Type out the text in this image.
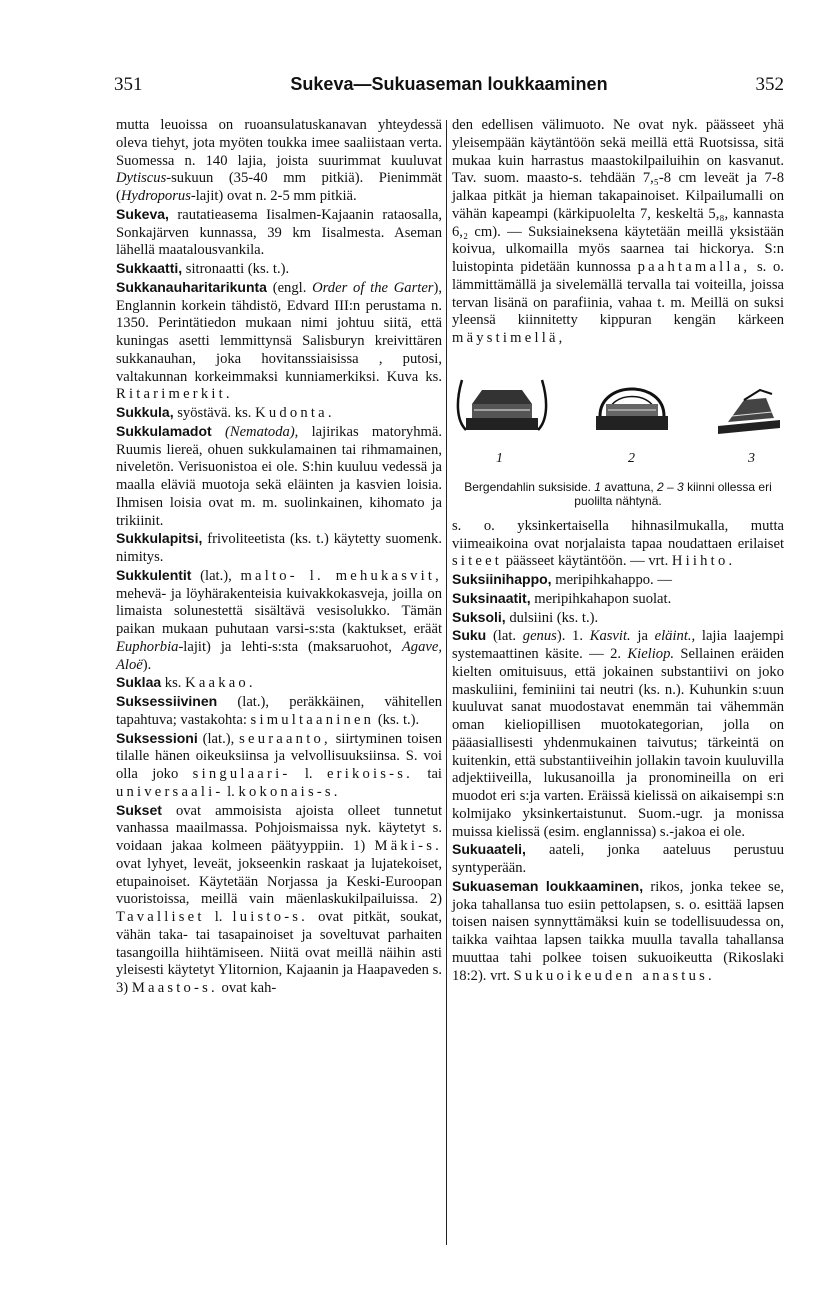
351	Sukeva—Sukuaseman loukkaaminen	352

mutta leuoissa on ruoansulatuskanavan yhteydessä oleva tiehyt, jota myöten toukka imee saaliistaan verta. Suomessa n. 140 lajia, joista suurimmat kuuluvat Dytiscus-sukuun (35-40 mm pitkiä). Pienimmät (Hydroporus-lajit) ovat n. 2-5 mm pitkiä.

Sukeva, rautatieasema Iisalmen-Kajaanin rataosalla, Sonkajärven kunnassa, 39 km Iisalmesta. Aseman lähellä maatalousvankila.

Sukkaatti, sitronaatti (ks. t.).

Sukkanauharitarikunta (engl. Order of the Garter), Englannin korkein tähdistö, Edvard III:n perustama n. 1350. Perintätiedon mukaan nimi johtuu siitä, että kuningas asetti lemmittynsä Salisburyn kreivittären sukkanauhan, joka hovitanssiaisissa , putosi, valtakunnan korkeimmaksi kunniamerkiksi. Kuva ks. Ritarimerkit.

Sukkula, syöstävä. ks. Kudonta.

Sukkulamadot (Nematoda), lajirikas matoryhmä. Ruumis liereä, ohuen sukkulamainen tai rihmamainen, niveletön. Verisuonistoa ei ole. S:hin kuuluu vedessä ja maalla eläviä muotoja sekä eläinten ja kasvien loisia. Ihmisen loisia ovat m. m. suolinkainen, kihomato ja trikiinit.

Sukkulapitsi, frivoliteetista (ks. t.) käytetty suomenk. nimitys.

Sukkulentit (lat.), malto- l. mehukasvit, mehevä- ja löyhärakenteisia kuivakkokasveja, joilla on limaista solunestettä sisältävä vesisolukko. Tämän paikan mukaan puhutaan varsi-s:sta (kaktukset, eräät Euphorbia-lajit) ja lehti-s:sta (maksaruohot, Agave, Aloë).

Suklaa ks. Kaakao.

Suksessiivinen (lat.), peräkkäinen, vähitellen tapahtuva; vastakohta: simultaaninen (ks. t.).

Suksessioni (lat.), seuraanto, siirtyminen toisen tilalle hänen oikeuksiinsa ja velvollisuuksiinsa. S. voi olla joko singulaari- l. erikois-s. tai universaali- l. kokonais-s.

Sukset ovat ammoisista ajoista olleet tunnetut vanhassa maailmassa. Pohjoismaissa nyk. käytetyt s. voidaan jakaa kolmeen päätyyppiin. 1) Mäki-s. ovat lyhyet, leveät, jokseenkin raskaat ja lujatekoiset, etupainoiset. Käytetään Norjassa ja Keski-Euroopan vuoristoissa, meillä vain mäenlaskukilpailuissa. 2) Tavalliset l. luisto-s. ovat pitkät, soukat, vähän taka- tai tasapainoiset ja soveltuvat parhaiten tasangoilla hiihtämiseen. Niitä ovat meillä näihin asti yleisesti käytetyt Ylitornion, Kajaanin ja Haapaveden s. 3) Maasto-s. ovat kah-

den edellisen välimuoto. Ne ovat nyk. päässeet yhä yleisempään käytäntöön sekä meillä että Ruotsissa, sitä mukaa kuin harrastus maastokilpailuihin on kasvanut. Tav. suom. maasto-s. tehdään 7,₅-8 cm leveät ja 7-8 jalkaa pitkät ja hieman takapainoiset. Kilpailumalli on vähän kapeampi (kärkipuolelta 7, keskeltä 5,₈, kannasta 6,₂ cm). — Suksiaineksena käytetään meillä yksistään koivua, ulkomailla myös saarnea tai hickorya. S:n luistopinta pidetään kunnossa paahtamalla, s. o. lämmittämällä ja sivelemällä tervalla tai voiteilla, joissa tervan lisänä on parafiinia, vahaa t. m. Meillä on suksi yleensä kiinnitetty kippuran kengän kärkeen mäystimellä,

1	2	3
Bergendahlin suksiside. 1 avattuna, 2 – 3 kiinni ollessa eri puolilta nähtynä.

s. o. yksinkertaisella hihnasilmukalla, mutta viimeaikoina ovat norjalaista tapaa noudattaen erilaiset siteet päässeet käytäntöön. — vrt. Hiihto.

Suksiinihappo, meripihkahappo. —

Suksinaatit, meripihkahapon suolat.

Suksoli, dulsiini (ks. t.).

Suku (lat. genus). 1. Kasvit. ja eläint., lajia laajempi systemaattinen käsite. — 2. Kieliop. Sellainen eräiden kielten omituisuus, että jokainen substantiivi on joko maskuliini, feminiini tai neutri (ks. n.). Kuhunkin s:uun kuuluvat sanat muodostavat enemmän tai vähemmän oman kieliopillisen muotokategorian, jolla on pääasiallisesti yhdenmukainen taivutus; tärkeintä on kuitenkin, että substantiiveihin jollakin tavoin kuuluvilla adjektiiveilla, lukusanoilla ja pronomineilla on eri muodot eri s:ja varten. Eräissä kielissä on aikaisempi s:n kolmijako yksinkertaistunut. Suom.-ugr. ja monissa muissa kielissä (esim. englannissa) s.-jakoa ei ole.

Sukuaateli, aateli, jonka aateluus perustuu syntyperään.

Sukuaseman loukkaaminen, rikos, jonka tekee se, joka tahallansa tuo esiin pettolapsen, s. o. esittää lapsen toisen naisen synnyttämäksi kuin se todellisuudessa on, taikka vaihtaa lapsen taikka muulla tavalla tahallansa muuttaa tahi polkee toisen sukuoikeutta (Rikoslaki 18:2). vrt. Sukuoikeuden anastus.
